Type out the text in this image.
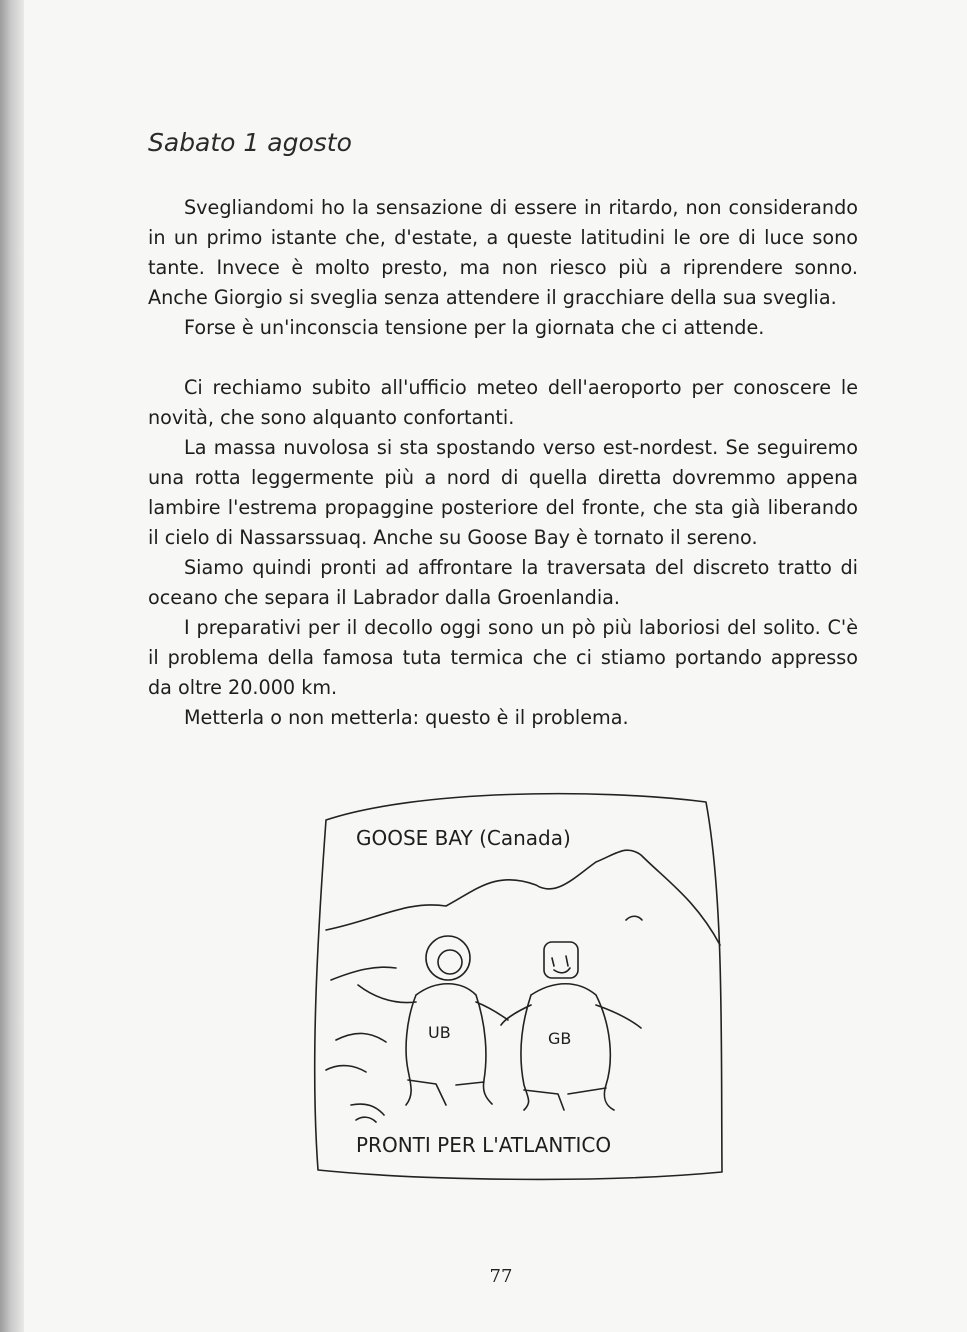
Sabato 1 agosto

Svegliandomi ho la sensazione di essere in ritardo, non considerando in un primo istante che, d'estate, a queste latitudini le ore di luce sono tante. Invece è molto presto, ma non riesco più a riprendere sonno. Anche Giorgio si sveglia senza attendere il gracchiare della sua sveglia.

Forse è un'inconscia tensione per la giornata che ci attende.

Ci rechiamo subito all'ufficio meteo dell'aeroporto per conoscere le novità, che sono alquanto confortanti.

La massa nuvolosa si sta spostando verso est-nordest. Se seguiremo una rotta leggermente più a nord di quella diretta dovremmo appena lambire l'estrema propaggine posteriore del fronte, che sta già liberando il cielo di Nassarssuaq. Anche su Goose Bay è tornato il sereno.

Siamo quindi pronti ad affrontare la traversata del discreto tratto di oceano che separa il Labrador dalla Groenlandia.

I preparativi per il decollo oggi sono un pò più laboriosi del solito. C'è il problema della famosa tuta termica che ci stiamo portando appresso da oltre 20.000 km.

Metterla o non metterla: questo è il problema.

GOOSE BAY (Canada)
UB	GB
PRONTI PER L'ATLANTICO
77
